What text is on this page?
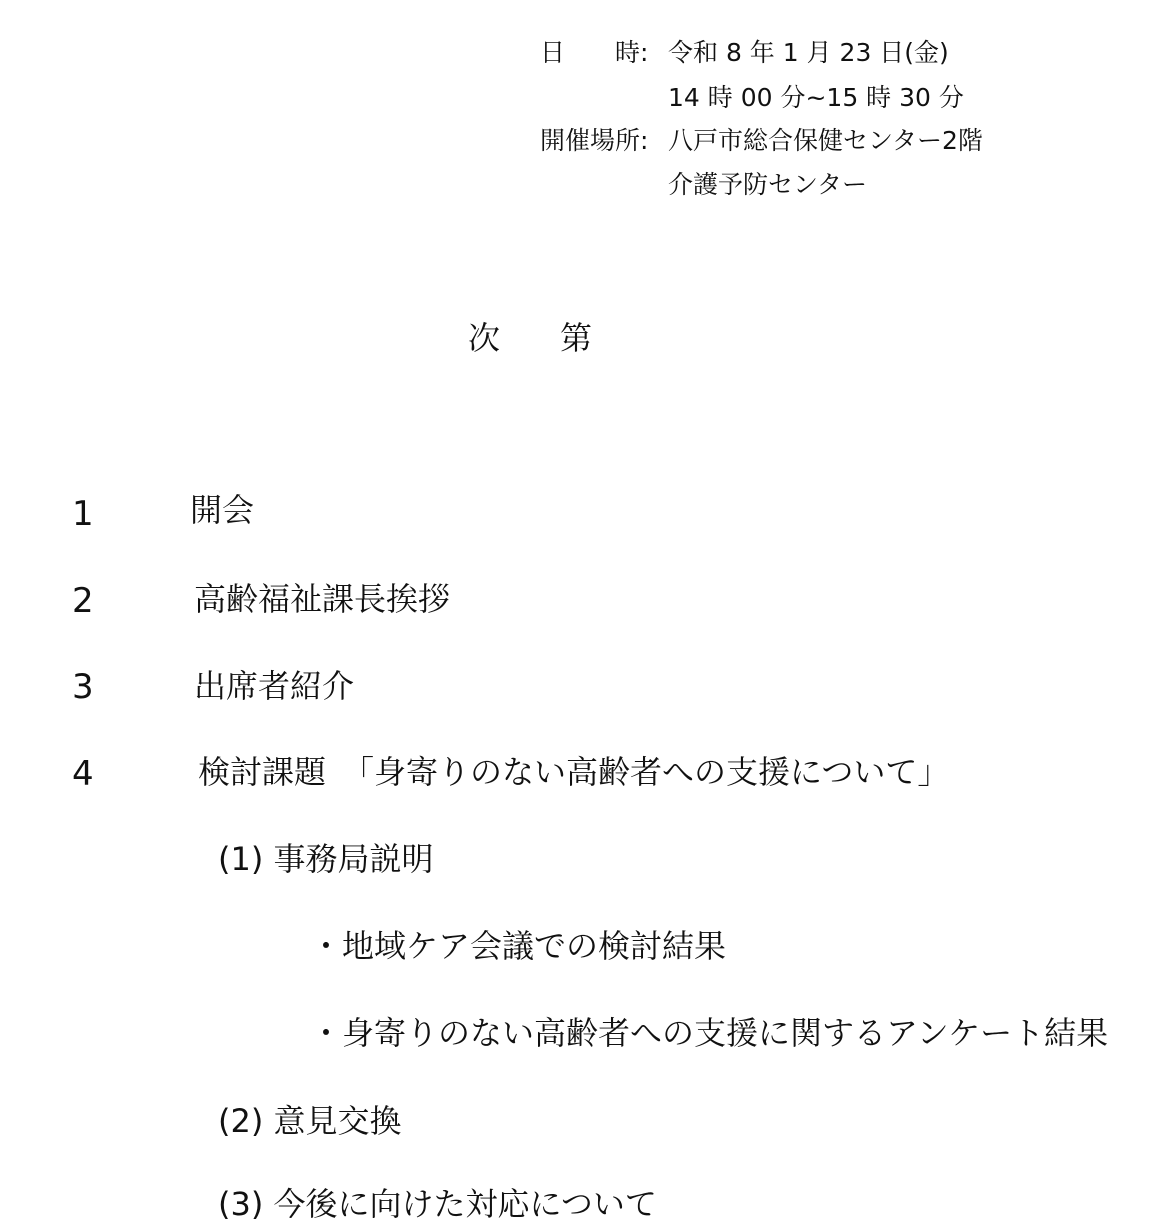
日　　時: 令和 8 年 1 月 23 日(金)
14 時 00 分~15 時 30 分
開催場所: 八戸市総合保健センター2階
介護予防センター
次第
1	開会
2	高齢福祉課長挨拶
3	出席者紹介
4	検討課題　「身寄りのない高齢者への支援について」
(1) 事務局説明
・地域ケア会議での検討結果
・身寄りのない高齢者への支援に関するアンケート結果
(2) 意見交換
(3) 今後に向けた対応について
